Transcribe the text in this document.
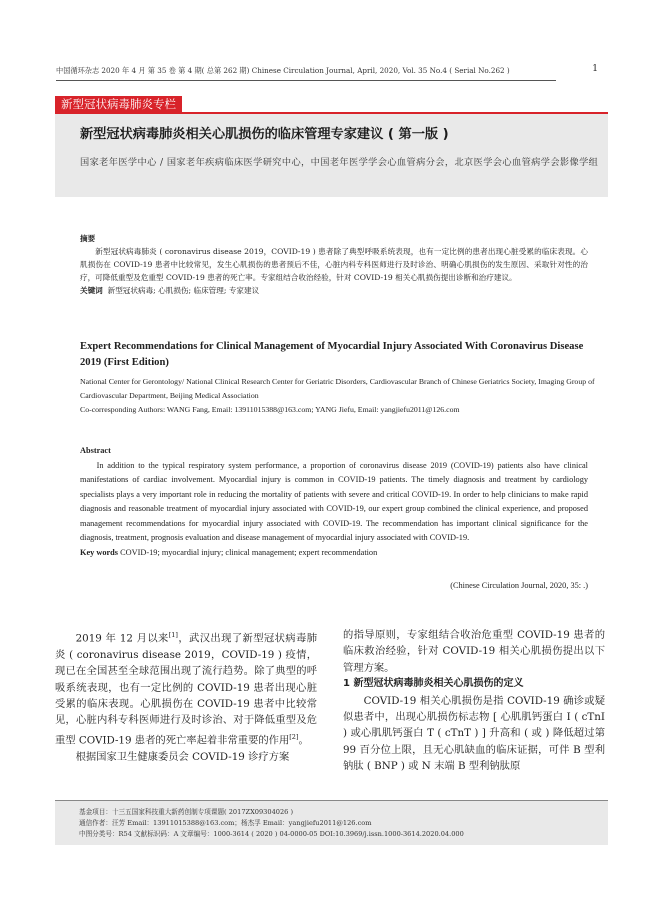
中国循环杂志 2020 年 4 月 第 35 卷 第 4 期( 总第 262 期) Chinese Circulation Journal, April, 2020, Vol. 35 No.4 ( Serial No.262 )	1
新型冠状病毒肺炎专栏
新型冠状病毒肺炎相关心肌损伤的临床管理专家建议 ( 第一版 )
国家老年医学中心 / 国家老年疾病临床医学研究中心，中国老年医学学会心血管病分会，北京医学会心血管病学会影像学组
摘要

新型冠状病毒肺炎 ( coronavirus disease 2019，COVID-19 ) 患者除了典型呼吸系统表现，也有一定比例的患者出现心脏受累的临床表现。心肌损伤在 COVID-19 患者中比较常见，发生心肌损伤的患者预后不佳，心脏内科专科医师进行及时诊治、明确心肌损伤的发生原因、采取针对性的治疗，可降低重型及危重型 COVID-19 患者的死亡率。专家组结合收治经验，针对 COVID-19 相关心肌损伤提出诊断和治疗建议。

关键词 新型冠状病毒; 心肌损伤; 临床管理; 专家建议
Expert Recommendations for Clinical Management of Myocardial Injury Associated With Coronavirus Disease 2019 (First Edition)
National Center for Gerontology/ National Clinical Research Center for Geriatric Disorders, Cardiovascular Branch of Chinese Geriatrics Society, Imaging Group of Cardiovascular Department, Beijing Medical Association
Co-corresponding Authors: WANG Fang, Email: 13911015388@163.com; YANG Jiefu, Email: yangjiefu2011@126.com
Abstract

In addition to the typical respiratory system performance, a proportion of coronavirus disease 2019 (COVID-19) patients also have clinical manifestations of cardiac involvement. Myocardial injury is common in COVID-19 patients. The timely diagnosis and treatment by cardiology specialists plays a very important role in reducing the mortality of patients with severe and critical COVID-19. In order to help clinicians to make rapid diagnosis and reasonable treatment of myocardial injury associated with COVID-19, our expert group combined the clinical experience, and proposed management recommendations for myocardial injury associated with COVID-19. The recommendation has important clinical significance for the diagnosis, treatment, prognosis evaluation and disease management of myocardial injury associated with COVID-19.

Key words COVID-19; myocardial injury; clinical management; expert recommendation
(Chinese Circulation Journal, 2020, 35: .)

2019 年 12 月以来[1]，武汉出现了新型冠状病毒肺炎 ( coronavirus disease 2019，COVID-19 ) 疫情，现已在全国甚至全球范围出现了流行趋势。除了典型的呼吸系统表现，也有一定比例的 COVID-19 患者出现心脏受累的临床表现。心肌损伤在 COVID-19 患者中比较常见，心脏内科专科医师进行及时诊治、对于降低重型及危重型 COVID-19 患者的死亡率起着非常重要的作用[2]。

根据国家卫生健康委员会 COVID-19 诊疗方案

的指导原则，专家组结合收治危重型 COVID-19 患者的临床救治经验，针对 COVID-19 相关心肌损伤提出以下管理方案。

1 新型冠状病毒肺炎相关心肌损伤的定义

COVID-19 相关心肌损伤是指 COVID-19 确诊或疑似患者中，出现心肌损伤标志物 [ 心肌肌钙蛋白 I ( cTnI ) 或心肌肌钙蛋白 T ( cTnT ) ] 升高和 ( 或 ) 降低超过第 99 百分位上限，且无心肌缺血的临床证据，可伴 B 型利钠肽 ( BNP ) 或 N 末端 B 型利钠肽原

基金项目：十三五国家科技重大新药创制专项课题( 2017ZX09304026 )
通信作者：汪芳 Email：13911015388@163.com；杨杰孚 Email：yangjiefu2011@126.com
中图分类号：R54 文献标识码：A 文章编号：1000-3614 ( 2020 ) 04-0000-05 DOI:10.3969/j.issn.1000-3614.2020.04.000
